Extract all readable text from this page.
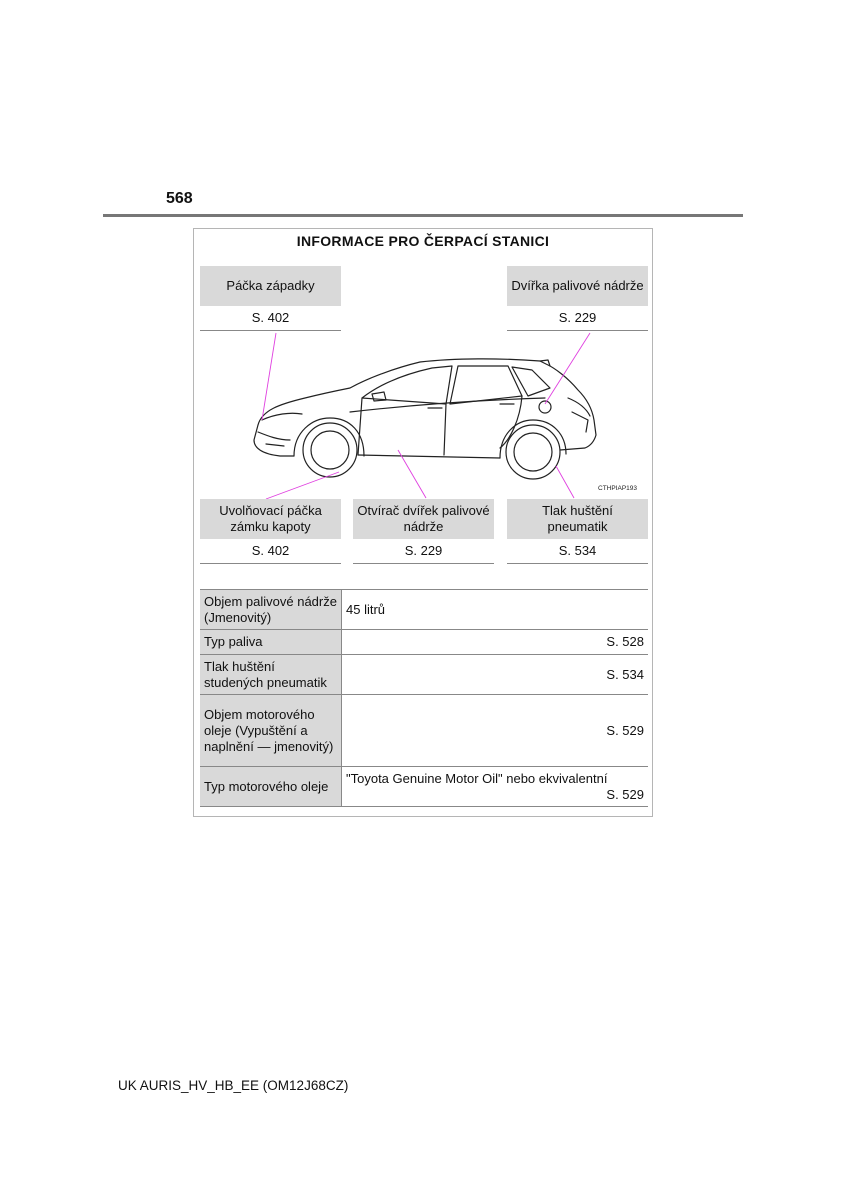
568
INFORMACE PRO ČERPACÍ STANICI
Páčka západky
S. 402
Dvířka palivové nádrže
S. 229
CTHPIAP193
Uvolňovací páčka zámku kapoty
S. 402
Otvírač dvířek palivové nádrže
S. 229
Tlak huštění pneumatik
S. 534
Objem palivové nádrže (Jmenovitý)	45 litrů
Typ paliva	S. 528
Tlak huštění studených pneumatik	S. 534
Objem motorového oleje (Vypuštění a naplnění — jmenovitý)	S. 529
Typ motorového oleje	"Toyota Genuine Motor Oil" nebo ekvivalentní
S. 529
UK AURIS_HV_HB_EE (OM12J68CZ)
